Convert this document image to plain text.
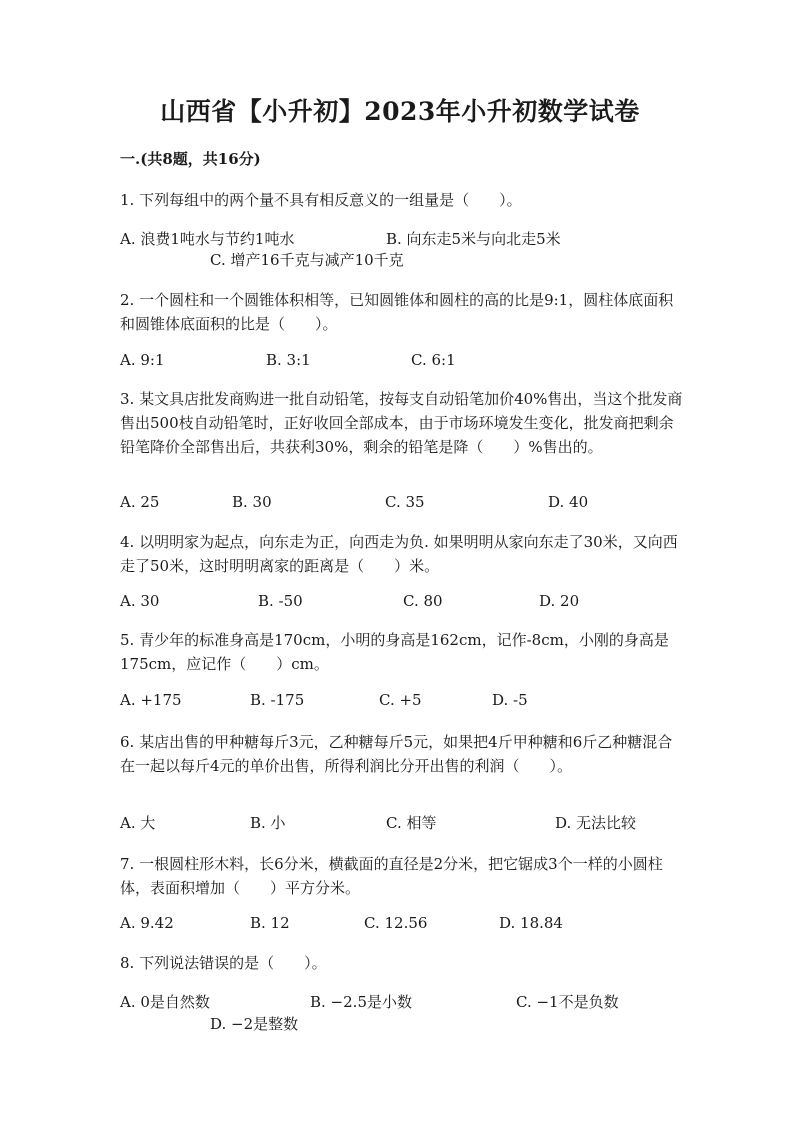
山西省【小升初】2023年小升初数学试卷
一.(共8题，共16分)
1. 下列每组中的两个量不具有相反意义的一组量是（　　）。
A. 浪费1吨水与节约1吨水	B. 向东走5米与向北走5米
C. 增产16千克与减产10千克
2. 一个圆柱和一个圆锥体积相等，已知圆锥体和圆柱的高的比是9:1，圆柱体底面积和圆锥体底面积的比是（　　）。
A. 9:1	B. 3:1	C. 6:1
3. 某文具店批发商购进一批自动铅笔，按每支自动铅笔加价40%售出，当这个批发商售出500枝自动铅笔时，正好收回全部成本，由于市场环境发生变化，批发商把剩余铅笔降价全部售出后，共获利30%，剩余的铅笔是降（　　）%售出的。
A. 25	B. 30	C. 35	D. 40
4. 以明明家为起点，向东走为正，向西走为负. 如果明明从家向东走了30米，又向西走了50米，这时明明离家的距离是（　　）米。
A. 30	B. -50	C. 80	D. 20
5. 青少年的标准身高是170cm，小明的身高是162cm，记作-8cm，小刚的身高是175cm，应记作（　　）cm。
A. +175	B. -175	C. +5	D. -5
6. 某店出售的甲种糖每斤3元，乙种糖每斤5元，如果把4斤甲种糖和6斤乙种糖混合在一起以每斤4元的单价出售，所得利润比分开出售的利润（　　）。
A. 大	B. 小	C. 相等	D. 无法比较
7. 一根圆柱形木料，长6分米，横截面的直径是2分米，把它锯成3个一样的小圆柱体，表面积增加（　　）平方分米。
A. 9.42	B. 12	C. 12.56	D. 18.84
8. 下列说法错误的是（　　）。
A. 0是自然数	B. −2.5是小数	C. −1不是负数
D. −2是整数
